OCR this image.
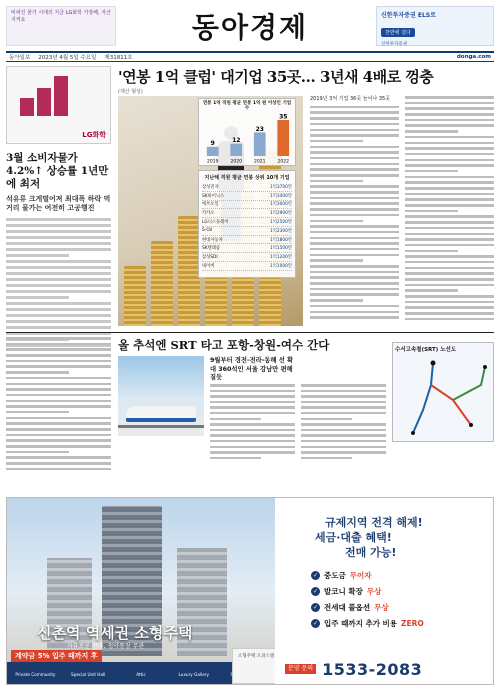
비싸진 물가 시대의 지금 LG화학 가장배, 자산 지켜요	동아경제	신한투자증권 ELS로
찬반에 걸다
신한투자증권
동아일보 2023년 4월 5일 수요일 제31811호	donga.com
LG화학
3월 소비자물가 4.2%↑ 상승률 1년만에 최저
석유류 크게떨어져 최대폭 하락 먹거리 물가는 여전히 고공행진
'연봉 1억 클럽' 대기업 35곳… 3년새 4배로 껑충
(재산 형성)
연봉 1억 직원 평균 연봉 1억 원 이상인 기업 수
9
2019
12
2020
23
2021
35
2022
지난해 직원 평균 연봉 상위 10개 기업
삼성전자	1억3700만
SK하이닉스	1억3400만
에쓰오일	1억3000만
카카오	1억2900만
LG디스플레이	1억2500만
S-Oil	1억2300만
현대자동차	1억1800만
SK텔레콤	1억1500만
삼성SDI	1억1200만
네이버	1억1000만
2019년 3억 기업 36곳 늘어나 35곳
올 추석엔 SRT 타고 포항-창원-여수 간다
9월부터 경전-전라-동해 선 확대 360석인 서울 강남만 편해질듯
수서고속철(SRT) 노선도
신촌역 역세권 소형주택
자유로운 전매, 청약통장 무관
계약금 5% 입주 때까지 후
Private Community	Special Unit Hall	Attic	Luxury Gallery
소형주택 오피스텔
규제지역 전격 해제!
세금·대출 혜택!
전매 가능!
✓ 중도금 무이자
✓ 발코니 확장 무상
✓ 전세대 풀옵션 무상
✓ 입주 때까지 추가 비용 ZERO
분양 문의 1533-2083
